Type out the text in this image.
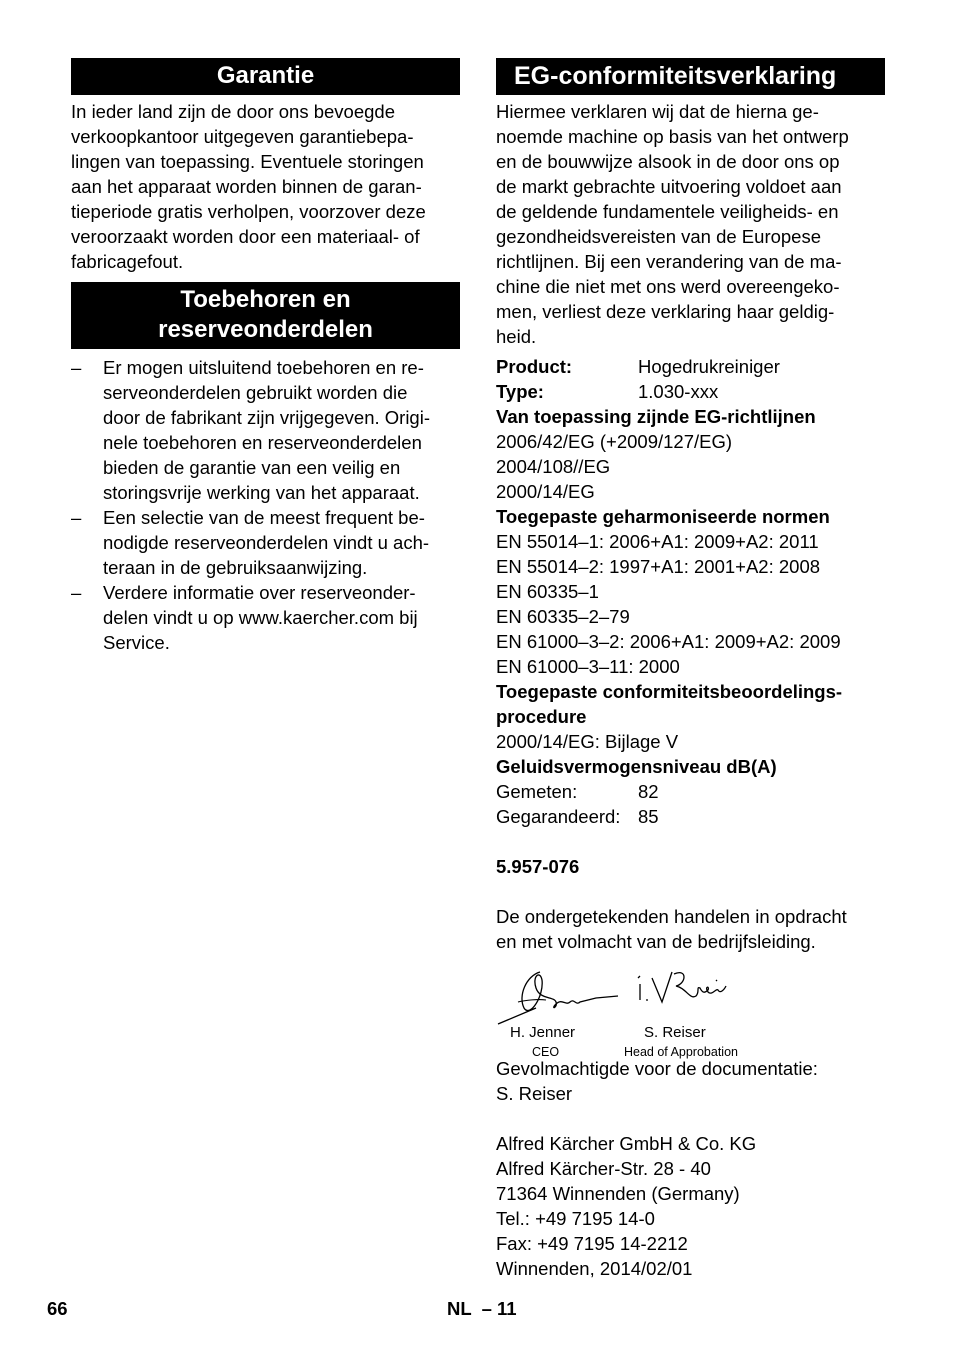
Garantie
In ieder land zijn de door ons bevoegde
verkoopkantoor uitgegeven garantiebepa-
lingen van toepassing. Eventuele storingen
aan het apparaat worden binnen de garan-
tieperiode gratis verholpen, voorzover deze
veroorzaakt worden door een materiaal- of
fabricagefout.
Toebehoren en
reserveonderdelen
– Er mogen uitsluitend toebehoren en re-
serveonderdelen gebruikt worden die
door de fabrikant zijn vrijgegeven. Origi-
nele toebehoren en reserveonderdelen
bieden de garantie van een veilig en
storingsvrije werking van het apparaat.
– Een selectie van de meest frequent be-
nodigde reserveonderdelen vindt u ach-
teraan in de gebruiksaanwijzing.
– Verdere informatie over reserveonder-
delen vindt u op www.kaercher.com bij
Service.
EG-conformiteitsverklaring
Hiermee verklaren wij dat de hierna ge-
noemde machine op basis van het ontwerp
en de bouwwijze alsook in de door ons op
de markt gebrachte uitvoering voldoet aan
de geldende fundamentele veiligheids- en
gezondheidsvereisten van de Europese
richtlijnen. Bij een verandering van de ma-
chine die niet met ons werd overeengeko-
men, verliest deze verklaring haar geldig-
heid.
Product:	Hogedrukreiniger
Type:	1.030-xxx
Van toepassing zijnde EG-richtlijnen
2006/42/EG (+2009/127/EG)
2004/108//EG
2000/14/EG
Toegepaste geharmoniseerde normen
EN 55014–1: 2006+A1: 2009+A2: 2011
EN 55014–2: 1997+A1: 2001+A2: 2008
EN 60335–1
EN 60335–2–79
EN 61000–3–2: 2006+A1: 2009+A2: 2009
EN 61000–3–11: 2000
Toegepaste conformiteitsbeoordelings-
procedure
2000/14/EG: Bijlage V
Geluidsvermogensniveau dB(A)
Gemeten:	82
Gegarandeerd: 85
5.957-076
De ondergetekenden handelen in opdracht
en met volmacht van de bedrijfsleiding.
H. Jenner
CEO
S. Reiser
Head of Approbation
Gevolmachtigde voor de documentatie:
S. Reiser
Alfred Kärcher GmbH & Co. KG
Alfred Kärcher-Str. 28 - 40
71364 Winnenden (Germany)
Tel.: +49 7195 14-0
Fax: +49 7195 14-2212
Winnenden, 2014/02/01
66	NL  – 11
